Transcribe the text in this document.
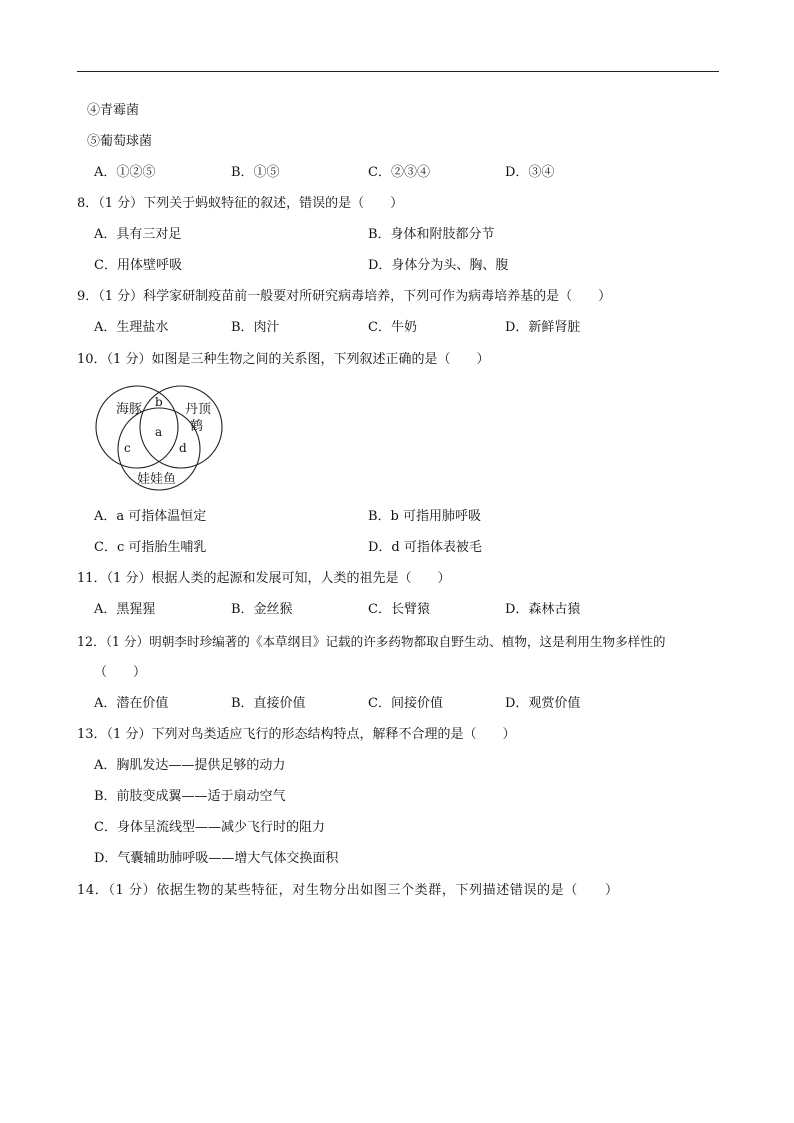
④青霉菌
⑤葡萄球菌
A．①②⑤	B．①⑤	C．②③④	D．③④
8．（1 分）下列关于蚂蚁特征的叙述，错误的是（　　）
A．具有三对足	B．身体和附肢都分节
C．用体壁呼吸	D．身体分为头、胸、腹
9．（1 分）科学家研制疫苗前一般要对所研究病毒培养，下列可作为病毒培养基的是（　　）
A．生理盐水	B．肉汁	C．牛奶	D．新鲜肾脏
10．（1 分）如图是三种生物之间的关系图，下列叙述正确的是（　　）
海豚	丹顶
娃娃鱼
a
b
c	d
鹤
A．a 可指体温恒定	B．b 可指用肺呼吸
C．c 可指胎生哺乳	D．d 可指体表被毛
11．（1 分）根据人类的起源和发展可知，人类的祖先是（　　）
A．黑猩猩	B．金丝猴	C．长臂猿	D．森林古猿
12．（1 分）明朝李时珍编著的《本草纲目》记载的许多药物都取自野生动、植物，这是利用生物多样性的
（　　）
A．潜在价值	B．直接价值	C．间接价值	D．观赏价值
13．（1 分）下列对鸟类适应飞行的形态结构特点，解释不合理的是（　　）
A．胸肌发达——提供足够的动力
B．前肢变成翼——适于扇动空气
C．身体呈流线型——减少飞行时的阻力
D．气囊辅助肺呼吸——增大气体交换面积
14．（1 分）依据生物的某些特征，对生物分出如图三个类群，下列描述错误的是（　　）
